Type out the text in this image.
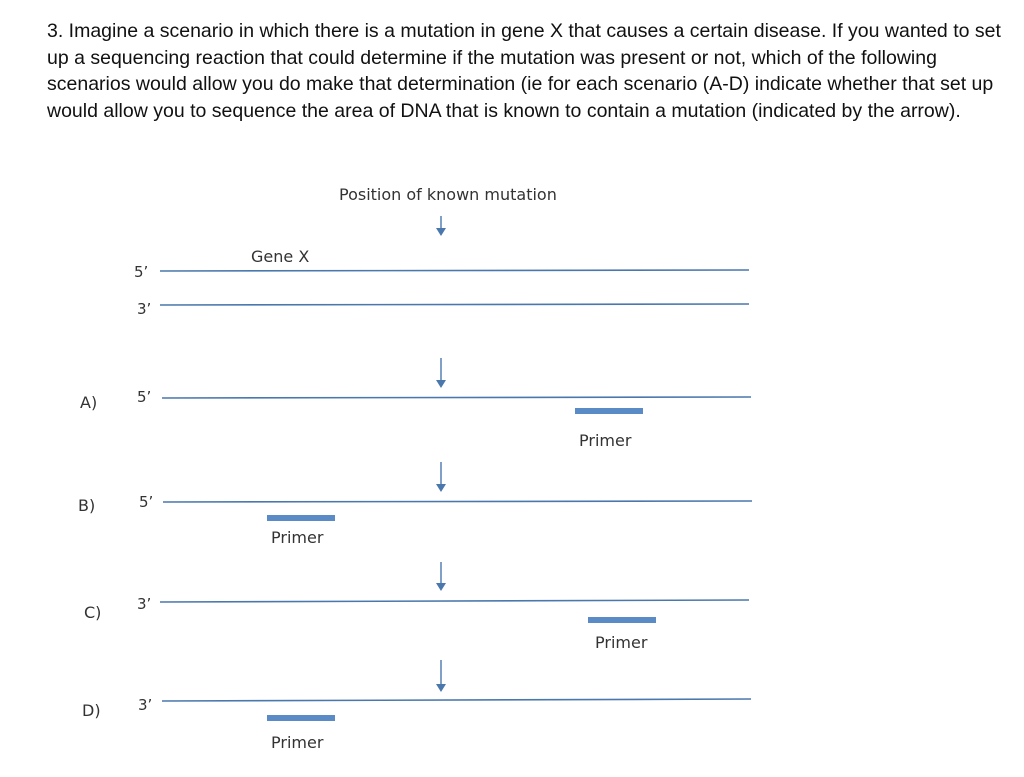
3. Imagine a scenario in which there is a mutation in gene X that causes a certain disease. If you wanted to set up a sequencing reaction that could determine if the mutation was present or not, which of the following scenarios would allow you do make that determination (ie for each scenario (A-D) indicate whether that set up would allow you to sequence the area of DNA that is known to contain a mutation (indicated by the arrow).

Position of known mutation
Gene X
5’
3’
A)	5’
Primer
B)	5’
Primer
C) 3’
Primer
D) 3’
Primer
